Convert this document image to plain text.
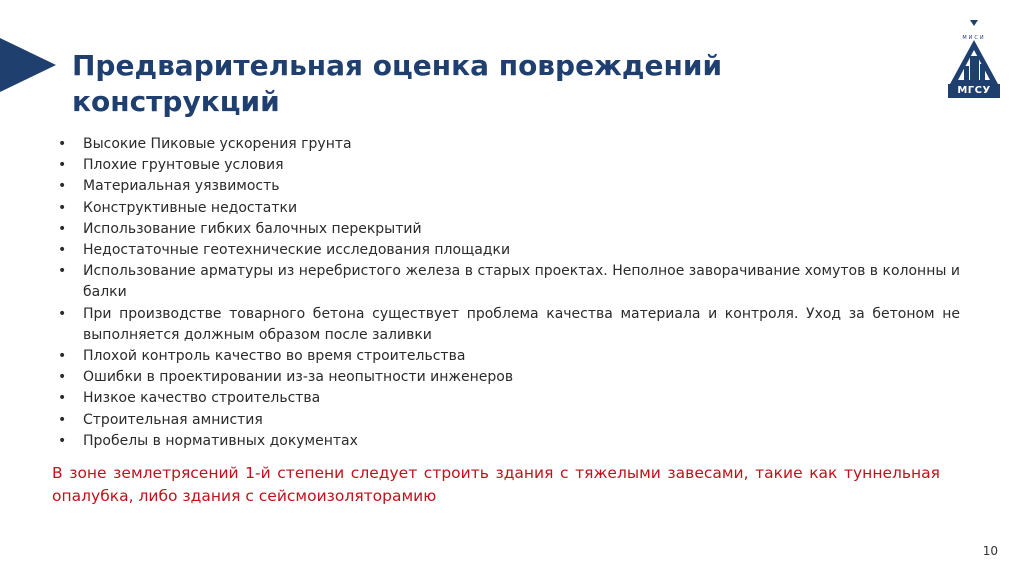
Предварительная оценка повреждений конструкций
МИСИ
МГСУ
• Высокие Пиковые ускорения грунта
• Плохие грунтовые условия
• Материальная уязвимость
• Конструктивные недостатки
• Использование гибких балочных перекрытий
• Недостаточные геотехнические исследования площадки
• Использование арматуры из неребристого железа в старых проектах. Неполное заворачивание хомутов в колонны и балки
• При производстве товарного бетона существует проблема качества материала и контроля. Уход за бетоном не выполняется должным образом после заливки
• Плохой контроль качество во время строительства
• Ошибки в проектировании из-за неопытности инженеров
• Низкое качество строительства
• Строительная амнистия
• Пробелы в нормативных документах

В зоне землетрясений 1-й степени следует строить здания с тяжелыми завесами, такие как туннельная опалубка, либо здания с сейсмоизоляторамию

10
